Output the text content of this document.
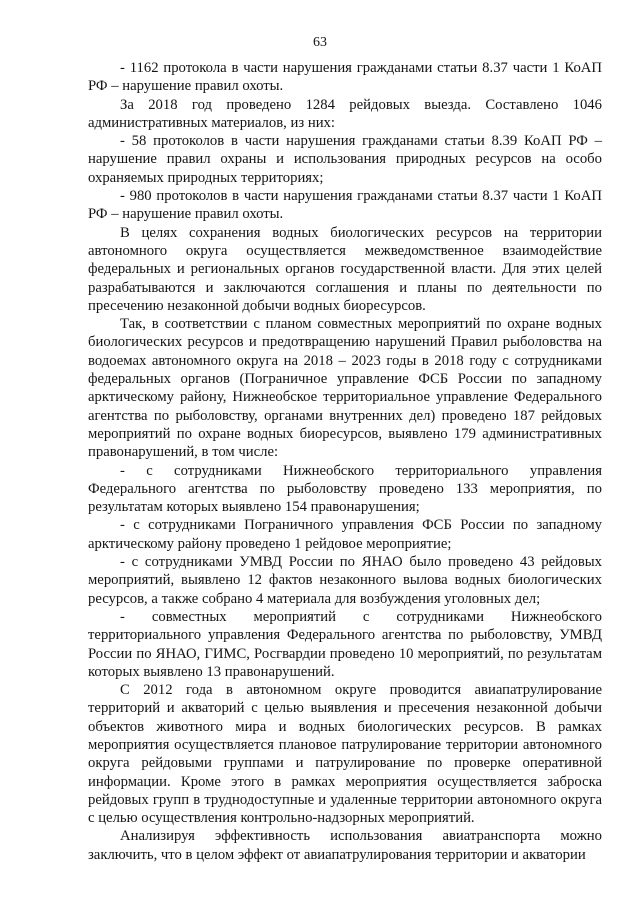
63

- 1162 протокола в части нарушения гражданами статьи 8.37 части 1 КоАП РФ – нарушение правил охоты.

За 2018 год проведено 1284 рейдовых выезда. Составлено 1046 административных материалов, из них:

- 58 протоколов в части нарушения гражданами статьи 8.39 КоАП РФ – нарушение правил охраны и использования природных ресурсов на особо охраняемых природных территориях;

- 980 протоколов в части нарушения гражданами статьи 8.37 части 1 КоАП РФ – нарушение правил охоты.

В целях сохранения водных биологических ресурсов на территории автономного округа осуществляется межведомственное взаимодействие федеральных и региональных органов государственной власти. Для этих целей разрабатываются и заключаются соглашения и планы по деятельности по пресечению незаконной добычи водных биоресурсов.

Так, в соответствии с планом совместных мероприятий по охране водных биологических ресурсов и предотвращению нарушений Правил рыболовства на водоемах автономного округа на 2018 – 2023 годы в 2018 году с сотрудниками федеральных органов (Пограничное управление ФСБ России по западному арктическому району, Нижнеобское территориальное управление Федерального агентства по рыболовству, органами внутренних дел) проведено 187 рейдовых мероприятий по охране водных биоресурсов, выявлено 179 административных правонарушений, в том числе:

- с сотрудниками Нижнеобского территориального управления Федерального агентства по рыболовству проведено 133 мероприятия, по результатам которых выявлено 154 правонарушения;

- с сотрудниками Пограничного управления ФСБ России по западному арктическому району проведено 1 рейдовое мероприятие;

- с сотрудниками УМВД России по ЯНАО было проведено 43 рейдовых мероприятий, выявлено 12 фактов незаконного вылова водных биологических ресурсов, а также собрано 4 материала для возбуждения уголовных дел;

- совместных мероприятий с сотрудниками Нижнеобского территориального управления Федерального агентства по рыболовству, УМВД России по ЯНАО, ГИМС, Росгвардии проведено 10 мероприятий, по результатам которых выявлено 13 правонарушений.

С 2012 года в автономном округе проводится авиапатрулирование территорий и акваторий с целью выявления и пресечения незаконной добычи объектов животного мира и водных биологических ресурсов. В рамках мероприятия осуществляется плановое патрулирование территории автономного округа рейдовыми группами и патрулирование по проверке оперативной информации. Кроме этого в рамках мероприятия осуществляется заброска рейдовых групп в труднодоступные и удаленные территории автономного округа с целью осуществления контрольно-надзорных мероприятий.

Анализируя эффективность использования авиатранспорта можно заключить, что в целом эффект от авиапатрулирования территории и акватории
